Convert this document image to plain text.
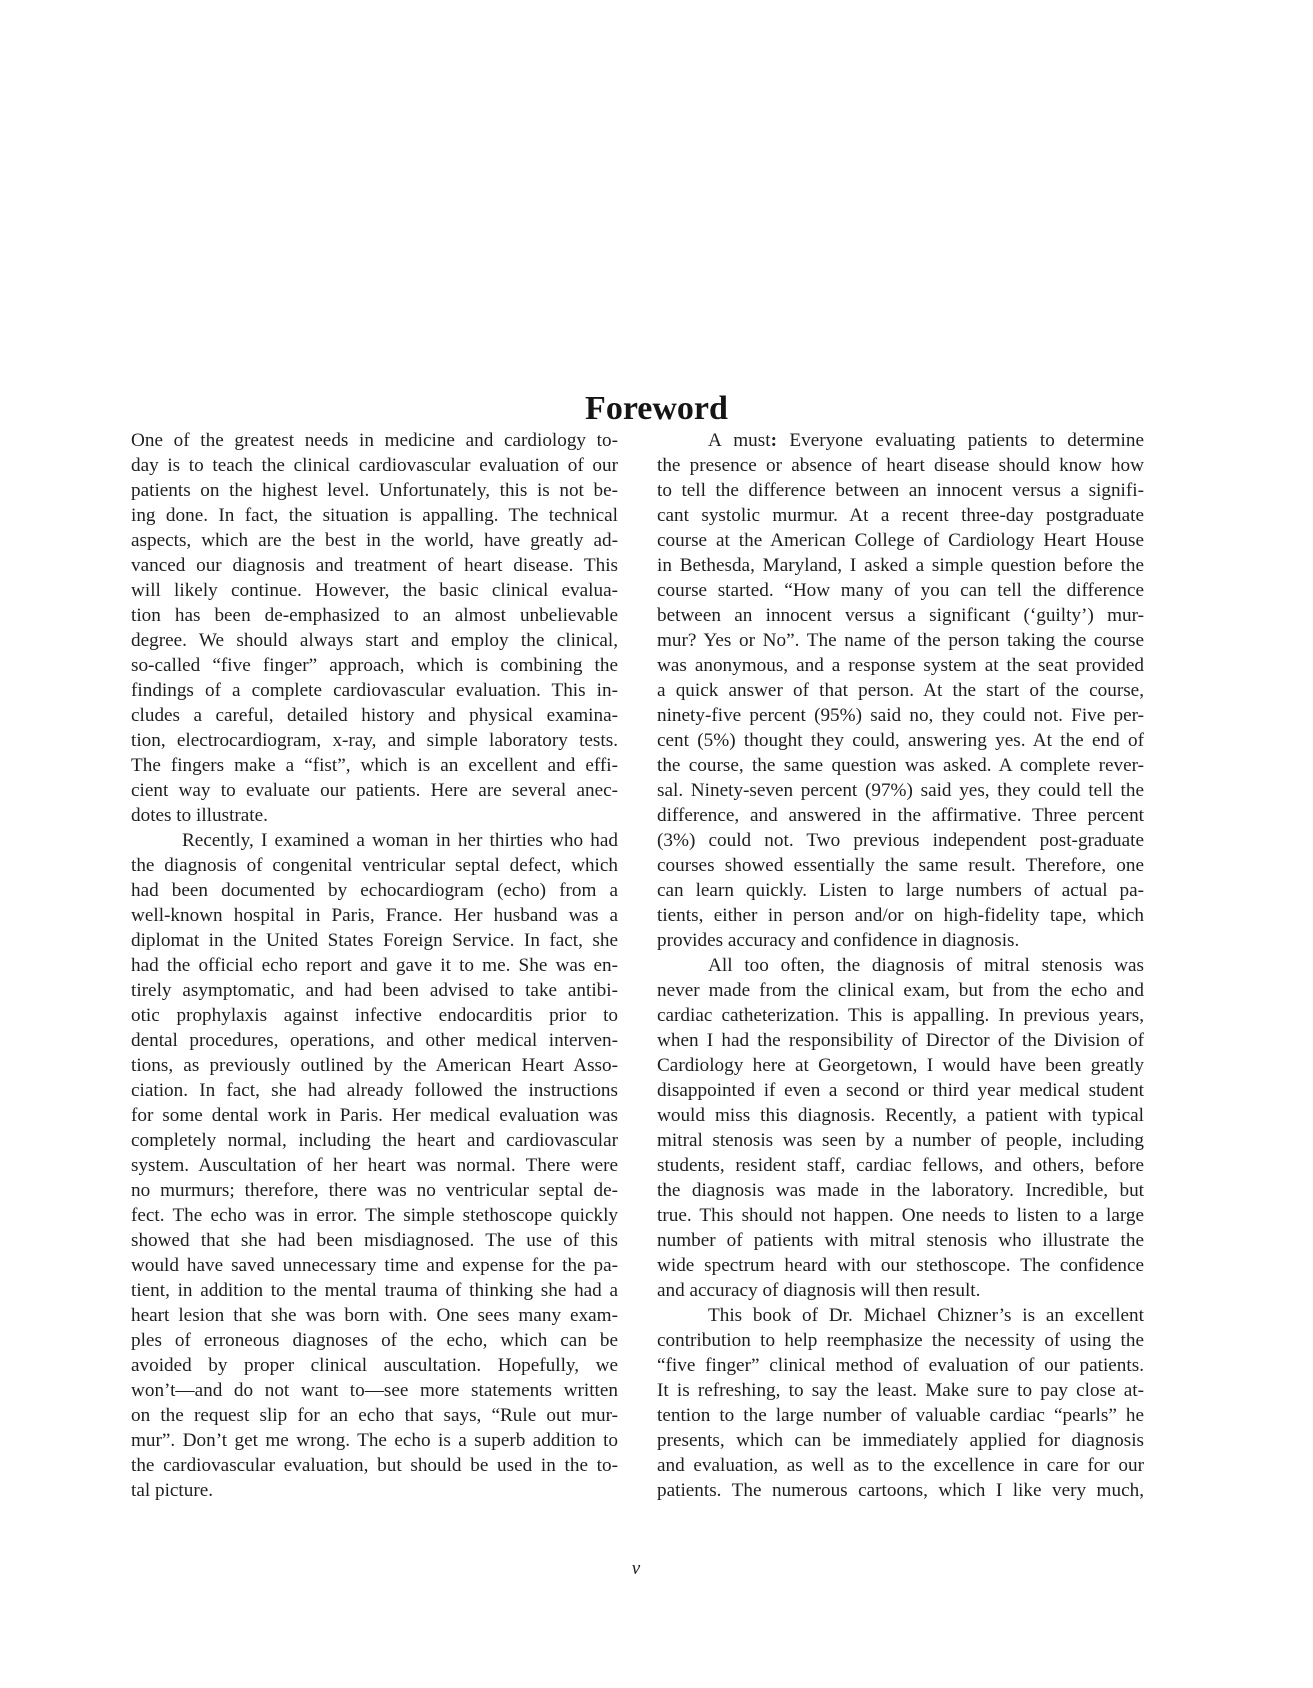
Foreword
One of the greatest needs in medicine and cardiology to-
day is to teach the clinical cardiovascular evaluation of our
patients on the highest level. Unfortunately, this is not be-
ing done. In fact, the situation is appalling. The technical
aspects, which are the best in the world, have greatly ad-
vanced our diagnosis and treatment of heart disease. This
will likely continue. However, the basic clinical evalua-
tion has been de-emphasized to an almost unbelievable
degree. We should always start and employ the clinical,
so-called “five finger” approach, which is combining the
findings of a complete cardiovascular evaluation. This in-
cludes a careful, detailed history and physical examina-
tion, electrocardiogram, x-ray, and simple laboratory tests.
The fingers make a “fist”, which is an excellent and effi-
cient way to evaluate our patients. Here are several anec-
dotes to illustrate.
Recently, I examined a woman in her thirties who had
the diagnosis of congenital ventricular septal defect, which
had been documented by echocardiogram (echo) from a
well-known hospital in Paris, France. Her husband was a
diplomat in the United States Foreign Service. In fact, she
had the official echo report and gave it to me. She was en-
tirely asymptomatic, and had been advised to take antibi-
otic prophylaxis against infective endocarditis prior to
dental procedures, operations, and other medical interven-
tions, as previously outlined by the American Heart Asso-
ciation. In fact, she had already followed the instructions
for some dental work in Paris. Her medical evaluation was
completely normal, including the heart and cardiovascular
system. Auscultation of her heart was normal. There were
no murmurs; therefore, there was no ventricular septal de-
fect. The echo was in error. The simple stethoscope quickly
showed that she had been misdiagnosed. The use of this
would have saved unnecessary time and expense for the pa-
tient, in addition to the mental trauma of thinking she had a
heart lesion that she was born with. One sees many exam-
ples of erroneous diagnoses of the echo, which can be
avoided by proper clinical auscultation. Hopefully, we
won’t—and do not want to—see more statements written
on the request slip for an echo that says, “Rule out mur-
mur”. Don’t get me wrong. The echo is a superb addition to
the cardiovascular evaluation, but should be used in the to-
tal picture.
A must: Everyone evaluating patients to determine
the presence or absence of heart disease should know how
to tell the difference between an innocent versus a signifi-
cant systolic murmur. At a recent three-day postgraduate
course at the American College of Cardiology Heart House
in Bethesda, Maryland, I asked a simple question before the
course started. “How many of you can tell the difference
between an innocent versus a significant (‘guilty’) mur-
mur? Yes or No”. The name of the person taking the course
was anonymous, and a response system at the seat provided
a quick answer of that person. At the start of the course,
ninety-five percent (95%) said no, they could not. Five per-
cent (5%) thought they could, answering yes. At the end of
the course, the same question was asked. A complete rever-
sal. Ninety-seven percent (97%) said yes, they could tell the
difference, and answered in the affirmative. Three percent
(3%) could not. Two previous independent post-graduate
courses showed essentially the same result. Therefore, one
can learn quickly. Listen to large numbers of actual pa-
tients, either in person and/or on high-fidelity tape, which
provides accuracy and confidence in diagnosis.
All too often, the diagnosis of mitral stenosis was
never made from the clinical exam, but from the echo and
cardiac catheterization. This is appalling. In previous years,
when I had the responsibility of Director of the Division of
Cardiology here at Georgetown, I would have been greatly
disappointed if even a second or third year medical student
would miss this diagnosis. Recently, a patient with typical
mitral stenosis was seen by a number of people, including
students, resident staff, cardiac fellows, and others, before
the diagnosis was made in the laboratory. Incredible, but
true. This should not happen. One needs to listen to a large
number of patients with mitral stenosis who illustrate the
wide spectrum heard with our stethoscope. The confidence
and accuracy of diagnosis will then result.
This book of Dr. Michael Chizner’s is an excellent
contribution to help reemphasize the necessity of using the
“five finger” clinical method of evaluation of our patients.
It is refreshing, to say the least. Make sure to pay close at-
tention to the large number of valuable cardiac “pearls” he
presents, which can be immediately applied for diagnosis
and evaluation, as well as to the excellence in care for our
patients. The numerous cartoons, which I like very much,
v
